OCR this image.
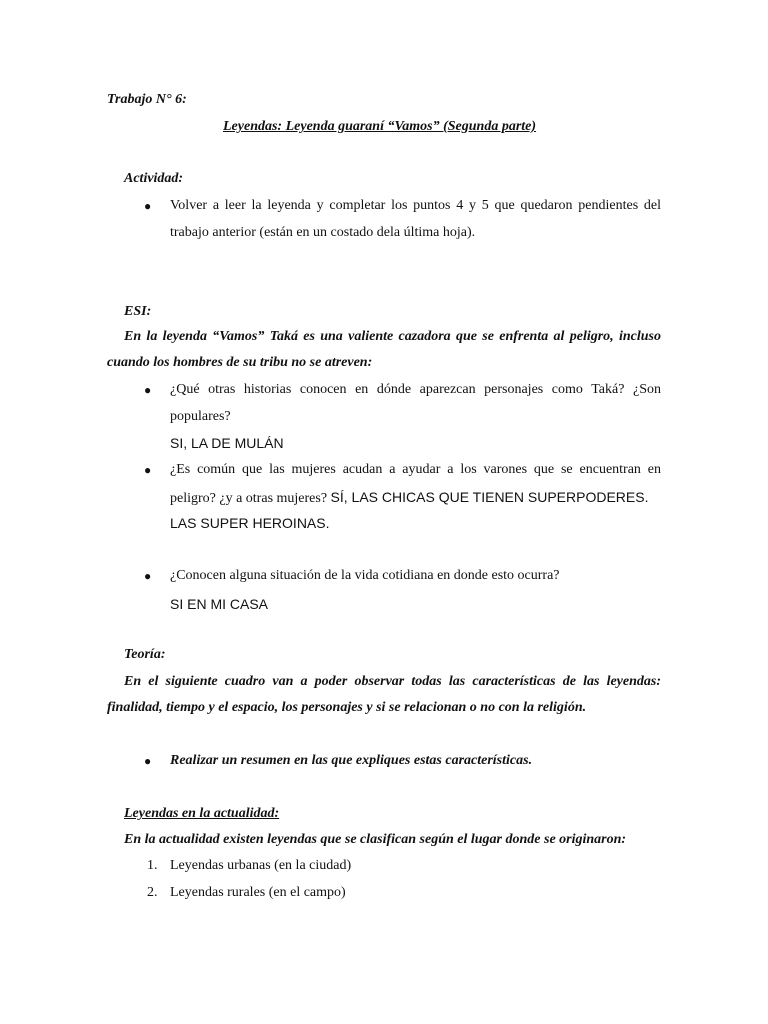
Trabajo N° 6:
Leyendas: Leyenda guaraní “Vamos” (Segunda parte)
Actividad:
● Volver a leer la leyenda y completar los puntos 4 y 5 que quedaron pendientes del
trabajo anterior (están en un costado dela última hoja).
ESI:
En la leyenda “Vamos” Taká es una valiente cazadora que se enfrenta al peligro, incluso
cuando los hombres de su tribu no se atreven:
● ¿Qué otras historias conocen en dónde aparezcan personajes como Taká? ¿Son
populares?
SI, LA DE MULÁN
● ¿Es común que las mujeres acudan a ayudar a los varones que se encuentran en
peligro? ¿y a otras mujeres? SÍ, LAS CHICAS QUE TIENEN SUPERPODERES.
LAS SUPER HEROINAS.
● ¿Conocen alguna situación de la vida cotidiana en donde esto ocurra?
SI EN MI CASA
Teoría:
En el siguiente cuadro van a poder observar todas las características de las leyendas:
finalidad, tiempo y el espacio, los personajes y si se relacionan o no con la religión.
● Realizar un resumen en las que expliques estas características.
Leyendas en la actualidad:
En la actualidad existen leyendas que se clasifican según el lugar donde se originaron:
1. Leyendas urbanas (en la ciudad)
2. Leyendas rurales (en el campo)
